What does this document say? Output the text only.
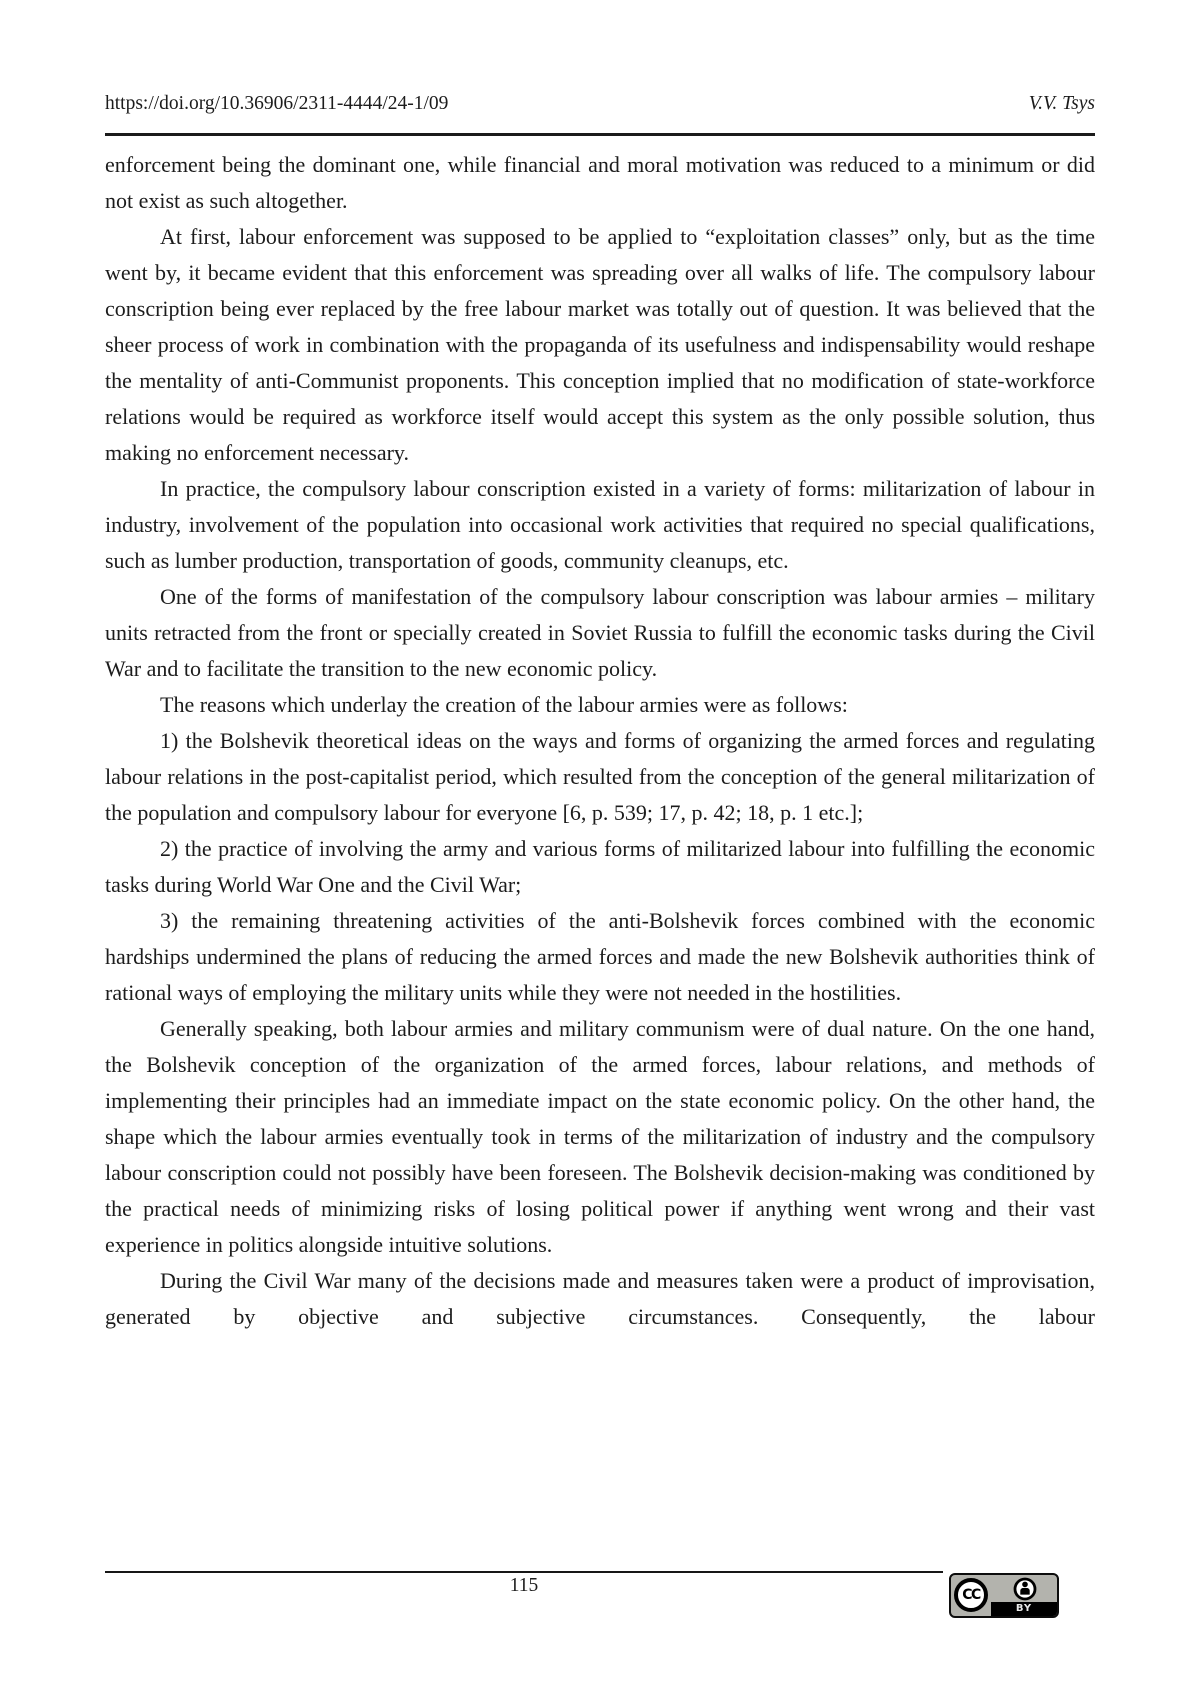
https://doi.org/10.36906/2311-4444/24-1/09	V.V. Tsys

enforcement being the dominant one, while financial and moral motivation was reduced to a minimum or did not exist as such altogether.

At first, labour enforcement was supposed to be applied to “exploitation classes” only, but as the time went by, it became evident that this enforcement was spreading over all walks of life. The compulsory labour conscription being ever replaced by the free labour market was totally out of question. It was believed that the sheer process of work in combination with the propaganda of its usefulness and indispensability would reshape the mentality of anti-Communist proponents. This conception implied that no modification of state-workforce relations would be required as workforce itself would accept this system as the only possible solution, thus making no enforcement necessary.

In practice, the compulsory labour conscription existed in a variety of forms: militarization of labour in industry, involvement of the population into occasional work activities that required no special qualifications, such as lumber production, transportation of goods, community cleanups, etc.

One of the forms of manifestation of the compulsory labour conscription was labour armies – military units retracted from the front or specially created in Soviet Russia to fulfill the economic tasks during the Civil War and to facilitate the transition to the new economic policy.

The reasons which underlay the creation of the labour armies were as follows:

1) the Bolshevik theoretical ideas on the ways and forms of organizing the armed forces and regulating labour relations in the post-capitalist period, which resulted from the conception of the general militarization of the population and compulsory labour for everyone [6, p. 539; 17, p. 42; 18, p. 1 etc.];

2) the practice of involving the army and various forms of militarized labour into fulfilling the economic tasks during World War One and the Civil War;

3) the remaining threatening activities of the anti-Bolshevik forces combined with the economic hardships undermined the plans of reducing the armed forces and made the new Bolshevik authorities think of rational ways of employing the military units while they were not needed in the hostilities.

Generally speaking, both labour armies and military communism were of dual nature. On the one hand, the Bolshevik conception of the organization of the armed forces, labour relations, and methods of implementing their principles had an immediate impact on the state economic policy. On the other hand, the shape which the labour armies eventually took in terms of the militarization of industry and the compulsory labour conscription could not possibly have been foreseen. The Bolshevik decision-making was conditioned by the practical needs of minimizing risks of losing political power if anything went wrong and their vast experience in politics alongside intuitive solutions.

During the Civil War many of the decisions made and measures taken were a product of improvisation, generated by objective and subjective circumstances. Consequently, the labour

115	CC
BY
